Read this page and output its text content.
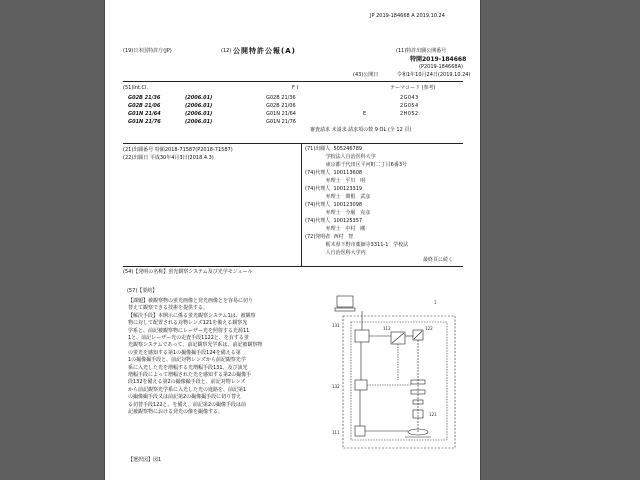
JP 2019-184668 A 2019.10.24
(19)日本国特許庁(JP)	(12) 公開特許公報(A)	(11)特許出願公開番号
特開2019-184668
(P2019-184668A)
(43)公開日	令和1年10月24日(2019.10.24)
(51)Int.Cl.	F I	テーマコード (参考)
G02B 21/36	(2006.01)	G02B 21/36	2G043
G02B 21/06	(2006.01)	G02B 21/06	2G054
G01N 21/64	(2006.01)	G01N 21/64	E	2H052
G01N 21/76	(2006.01)	G01N 21/76
審査請求 未請求 請求項の数 9 OL (全 12 頁)
(21)出願番号 特願2018-71587(P2018-71587)
(22)出願日 平成30年4月3日(2018.4.3)
(71)出願人  505246789
学校法人自治医科大学
東京都千代田区平河町二丁目6番3号
(74)代理人  100113608
弁理士   平川   明
(74)代理人  100123319
弁理士   関根   武彦
(74)代理人  100123098
弁理士   今堀   克彦
(74)代理人  100125357
弁理士   中村   剛
(72)発明者  西村   智
栃木県下野市薬師寺3311-1   学校法
人自治医科大学内
最終頁に続く
(54)【発明の名称】蛍光観察システム及び光学モジュール
(57)【要約】
【課題】被観察物の蛍光画像と発光画像とを容易に切り
替えて観察できる技術を提供する。
【解決手段】本開示に係る蛍光観察システム1は、被観察
物に対して配置される対物レンズ121を備える観察光
学系と、前記被観察物にレーザー光を照射する光源11
1と、前記レーザー光の走査手段1122と、を有する蛍
光観察システムであって、前記観察光学系は、前記被観察物
の蛍光を感知する第1の撮像撮手段124を備える第
1の撮像撮手段と、前記対物レンズから前記観察光学
系に入光した光を増幅する光増幅手段131、及び該光
増幅手段によって増幅された光を感知する第2の撮像手
段132を備える第2の撮像撮手段と、前記対物レンズ
から前記観察光学系に入光した光の進路を、前記第1
の撮像撮手段又は前記第2の撮像撮手段に切り替え
る切替手段122と、を備え、前記第2の撮像手段は前
記被観察物における発光の像を撮像する。
【選択図】図1
1
131
122
112
132
121
111
